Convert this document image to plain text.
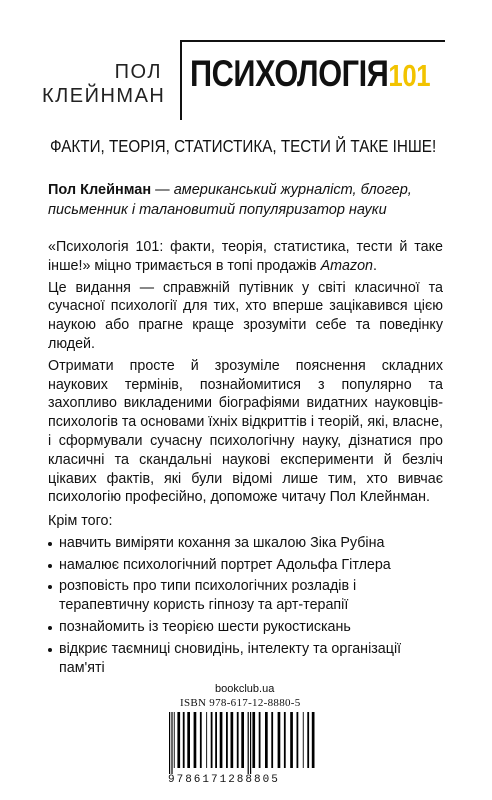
ПОЛ
КЛЕЙНМАН
ПСИХОЛОГІЯ101
ФАКТИ, ТЕОРІЯ, СТАТИСТИКА, ТЕСТИ Й ТАКЕ ІНШЕ!
Пол Клейнман — американський журналіст, блогер, письменник і талановитий популяризатор науки

«Психологія 101: факти, теорія, статистика, тести й таке інше!» міцно тримається в топі продажів Amazon.

Це видання — справжній путівник у світі класичної та сучасної психології для тих, хто вперше зацікавився цією наукою або прагне краще зрозуміти себе та поведінку людей.

Отримати просте й зрозуміле пояснення складних наукових термінів, познайомитися з популярно та захопливо викладеними біографіями видатних науковців-психологів та основами їхніх відкриттів і теорій, які, власне, і сформували сучасну психологічну науку, дізнатися про класичні та скандальні наукові експерименти й безліч цікавих фактів, які були відомі лише тим, хто вивчає психологію професійно, допоможе читачу Пол Клейнман.

Крім того:
навчить виміряти кохання за шкалою Зіка Рубіна
намалює психологічний портрет Адольфа Гітлера
розповість про типи психологічних розладів і терапевтичну користь гіпнозу та арт-терапії
познайомить із теорією шести рукостискань
відкриє таємниці сновидінь, інтелекту та організації пам'яті
bookclub.ua
ISBN 978-617-12-8880-5
9786171288805
